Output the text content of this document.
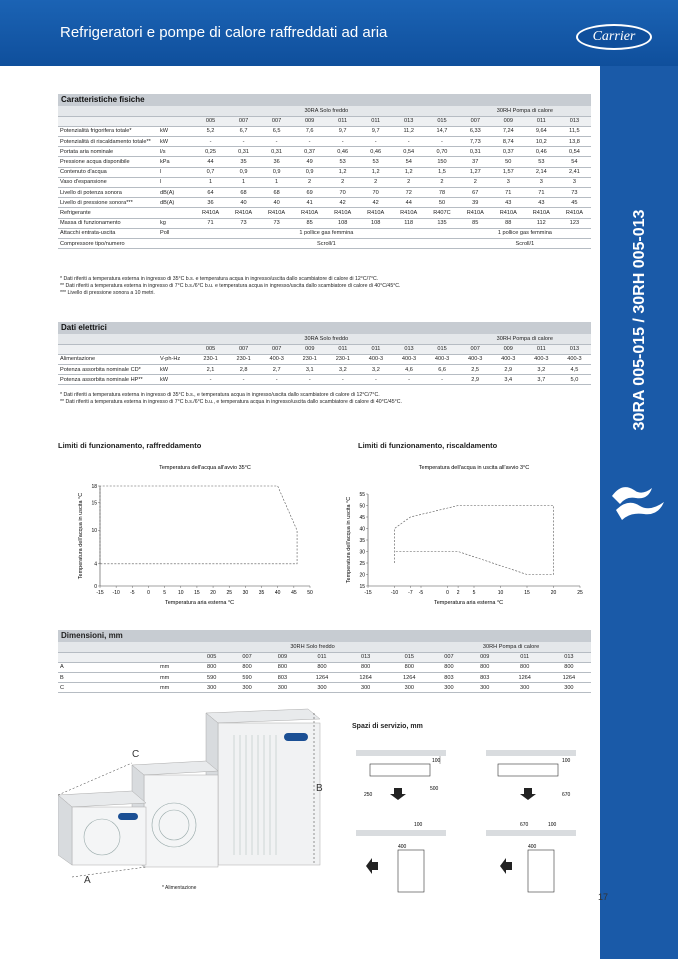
Refrigeratori e pompe di calore raffreddati ad aria	Carrier
30RA 005-015 / 30RH 005-013
Caratteristiche fisiche
		30RA Solo freddo								30RH Pompa di calore			
		005	007	007	009	011	011	013	015	007	009	011	013
Potenzialità frigorifera totale*	kW	5,2	6,7	6,5	7,6	9,7	9,7	11,2	14,7	6,33	7,24	9,64	11,5
Potenzialità di riscaldamento totale**	kW	-	-	-	-	-	-	-	-	7,73	8,74	10,2	13,8
Portata aria nominale	l/s	0,25	0,31	0,31	0,37	0,46	0,46	0,54	0,70	0,31	0,37	0,46	0,54
Pressione acqua disponibile	kPa	44	35	36	49	53	53	54	150	37	50	53	54
Contenuto d'acqua	l	0,7	0,9	0,9	0,9	1,2	1,2	1,2	1,5	1,27	1,57	2,14	2,41
Vaso d'espansione	l	1	1	1	2	2	2	2	2	2	3	3	3
Livello di potenza sonora	dB(A)	64	68	68	69	70	70	72	78	67	71	71	73
Livello di pressione sonora***	dB(A)	36	40	40	41	42	42	44	50	39	43	43	45
Refrigerante		R410A	R410A	R410A	R410A	R410A	R410A	R410A	R407C	R410A	R410A	R410A	R410A
Massa di funzionamento	kg	71	73	73	85	108	108	118	135	85	88	112	123
Attacchi entrata-uscita	Poll	1 pollice gas femmina								1 pollice gas femmina			
Compressore tipo/numero		Scroll/1								Scroll/1			
* Dati riferiti a temperatura esterna in ingresso di 35°C b.s. e temperatura acqua in ingresso/uscita dallo scambiatore di calore di 12°C/7°C.
** Dati riferiti a temperatura esterna in ingresso di 7°C b.s./6°C b.u. e temperatura acqua in ingresso/uscita dallo scambiatore di calore di 40°C/45°C.
*** Livello di pressione sonora a 10 metri.
Dati elettrici
		30RA Solo freddo								30RH Pompa di calore			
		005	007	007	009	011	011	013	015	007	009	011	013
Alimentazione	V-ph-Hz	230-1	230-1	400-3	230-1	230-1	400-3	400-3	400-3	400-3	400-3	400-3	400-3
Potenza assorbita nominale CD*	kW	2,1	2,8	2,7	3,1	3,2	3,2	4,6	6,6	2,5	2,9	3,2	4,5
Potenza assorbita nominale HP**	kW	-	-	-	-	-	-	-	-	2,9	3,4	3,7	5,0
* Dati riferiti a temperatura esterna in ingresso di 35°C b.s., e temperatura acqua in ingresso/uscita dallo scambiatore di calore di 12°C/7°C.
** Dati riferiti a temperatura esterna in ingresso di 7°C b.s./6°C b.u., e temperatura acqua in ingresso/uscita dallo scambiatore di calore di 40°C/45°C.
Limiti di funzionamento, raffreddamento	Limiti di funzionamento, riscaldamento
Temperatura dell'acqua all'avvio 35°C
-15 -10 -5	0	5 10 15 20 25 30 35 40 45 50
0
4
10
15
18
Temperatura aria esterna °C
Temperatura dell'acqua in uscita °C
Temperatura dell'acqua in uscita all'avvio 3°C
-15	-10 -7 -5	0 2	5	10	15	20	25
15
20
25
30
35
40
45
50
55
Temperatura aria esterna °C
Temperatura dell'acqua in uscita °C
Dimensioni, mm
		30RH Solo freddo						30RH Pompa di calore			
		005	007	009	011	013	015	007	009	011	013
A	mm	800	800	800	800	800	800	800	800	800	800
B	mm	590	590	803	1264	1264	1264	803	803	1264	1264
C	mm	300	300	300	300	300	300	300	300	300	300
B
A
C
* Alimentazione
Spazi di servizio, mm
100
250
500
100
670
100
400
670	100
400
17
